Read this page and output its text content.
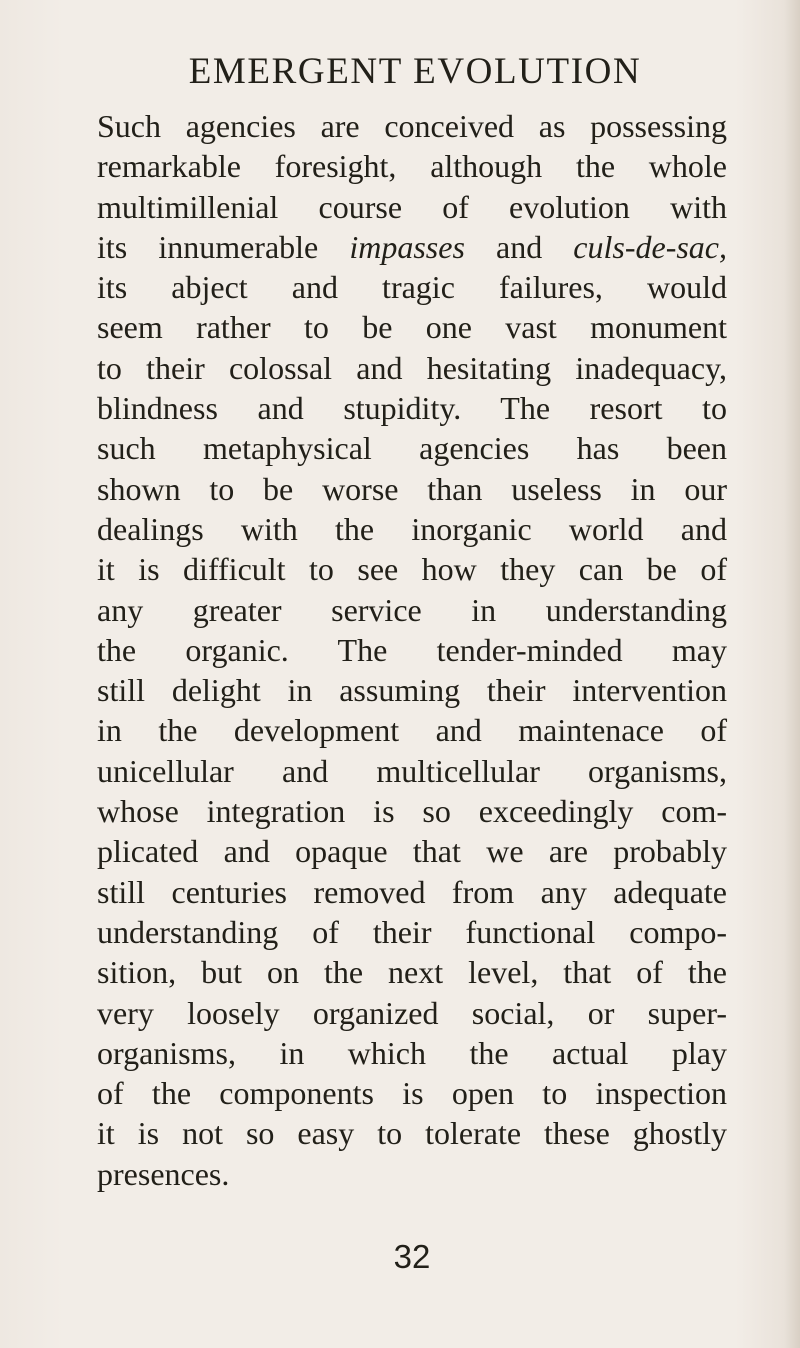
EMERGENT EVOLUTION
Such agencies are conceived as possessing
remarkable foresight, although the whole
multimillenial course of evolution with
its innumerable impasses and culs-de-sac,
its abject and tragic failures, would
seem rather to be one vast monument
to their colossal and hesitating inadequacy,
blindness and stupidity. The resort to
such metaphysical agencies has been
shown to be worse than useless in our
dealings with the inorganic world and
it is difficult to see how they can be of
any greater service in understanding
the organic. The tender-minded may
still delight in assuming their intervention
in the development and maintenace of
unicellular and multicellular organisms,
whose integration is so exceedingly com-
plicated and opaque that we are probably
still centuries removed from any adequate
understanding of their functional compo-
sition, but on the next level, that of the
very loosely organized social, or super-
organisms, in which the actual play
of the components is open to inspection
it is not so easy to tolerate these ghostly
presences.
32
